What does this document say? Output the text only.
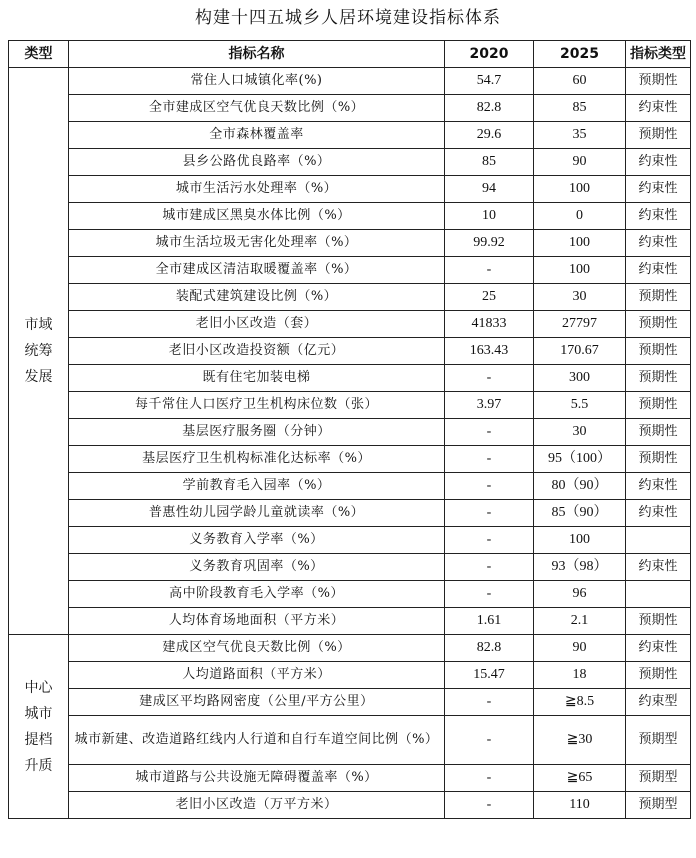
构建十四五城乡人居环境建设指标体系
类型	指标名称	2020	2025	指标类型

市域
统筹
发展	常住人口城镇化率(%)	54.7	60	预期性
	全市建成区空气优良天数比例（%）	82.8	85	约束性
	全市森林覆盖率	29.6	35	预期性
	县乡公路优良路率（%）	85	90	约束性
	城市生活污水处理率（%）	94	100	约束性
	城市建成区黑臭水体比例（%）	10	0	约束性
	城市生活垃圾无害化处理率（%）	99.92	100	约束性
	全市建成区清洁取暖覆盖率（%）	-	100	约束性
	装配式建筑建设比例（%）	25	30	预期性
	老旧小区改造（套）	41833	27797	预期性
	老旧小区改造投资额（亿元）	163.43	170.67	预期性
	既有住宅加装电梯	-	300	预期性
	每千常住人口医疗卫生机构床位数（张）	3.97	5.5	预期性
	基层医疗服务圈（分钟）	-	30	预期性
	基层医疗卫生机构标准化达标率（%）	-	95（100）	预期性
	学前教育毛入园率（%）	-	80（90）	约束性
	普惠性幼儿园学龄儿童就读率（%）	-	85（90）	约束性
	义务教育入学率（%）	-	100	
	义务教育巩固率（%）	-	93（98）	约束性
	高中阶段教育毛入学率（%）	-	96	
	人均体育场地面积（平方米）	1.61	2.1	预期性

中心
城市
提档
升质	建成区空气优良天数比例（%）	82.8	90	约束性
	人均道路面积（平方米）	15.47	18	预期性
	建成区平均路网密度（公里/平方公里）	-	≧8.5	约束型
	城市新建、改造道路红线内人行道和自行车道空间比例（%）	-	≧30	预期型
	城市道路与公共设施无障碍覆盖率（%）	-	≧65	预期型
	老旧小区改造（万平方米）	-	110	预期型
